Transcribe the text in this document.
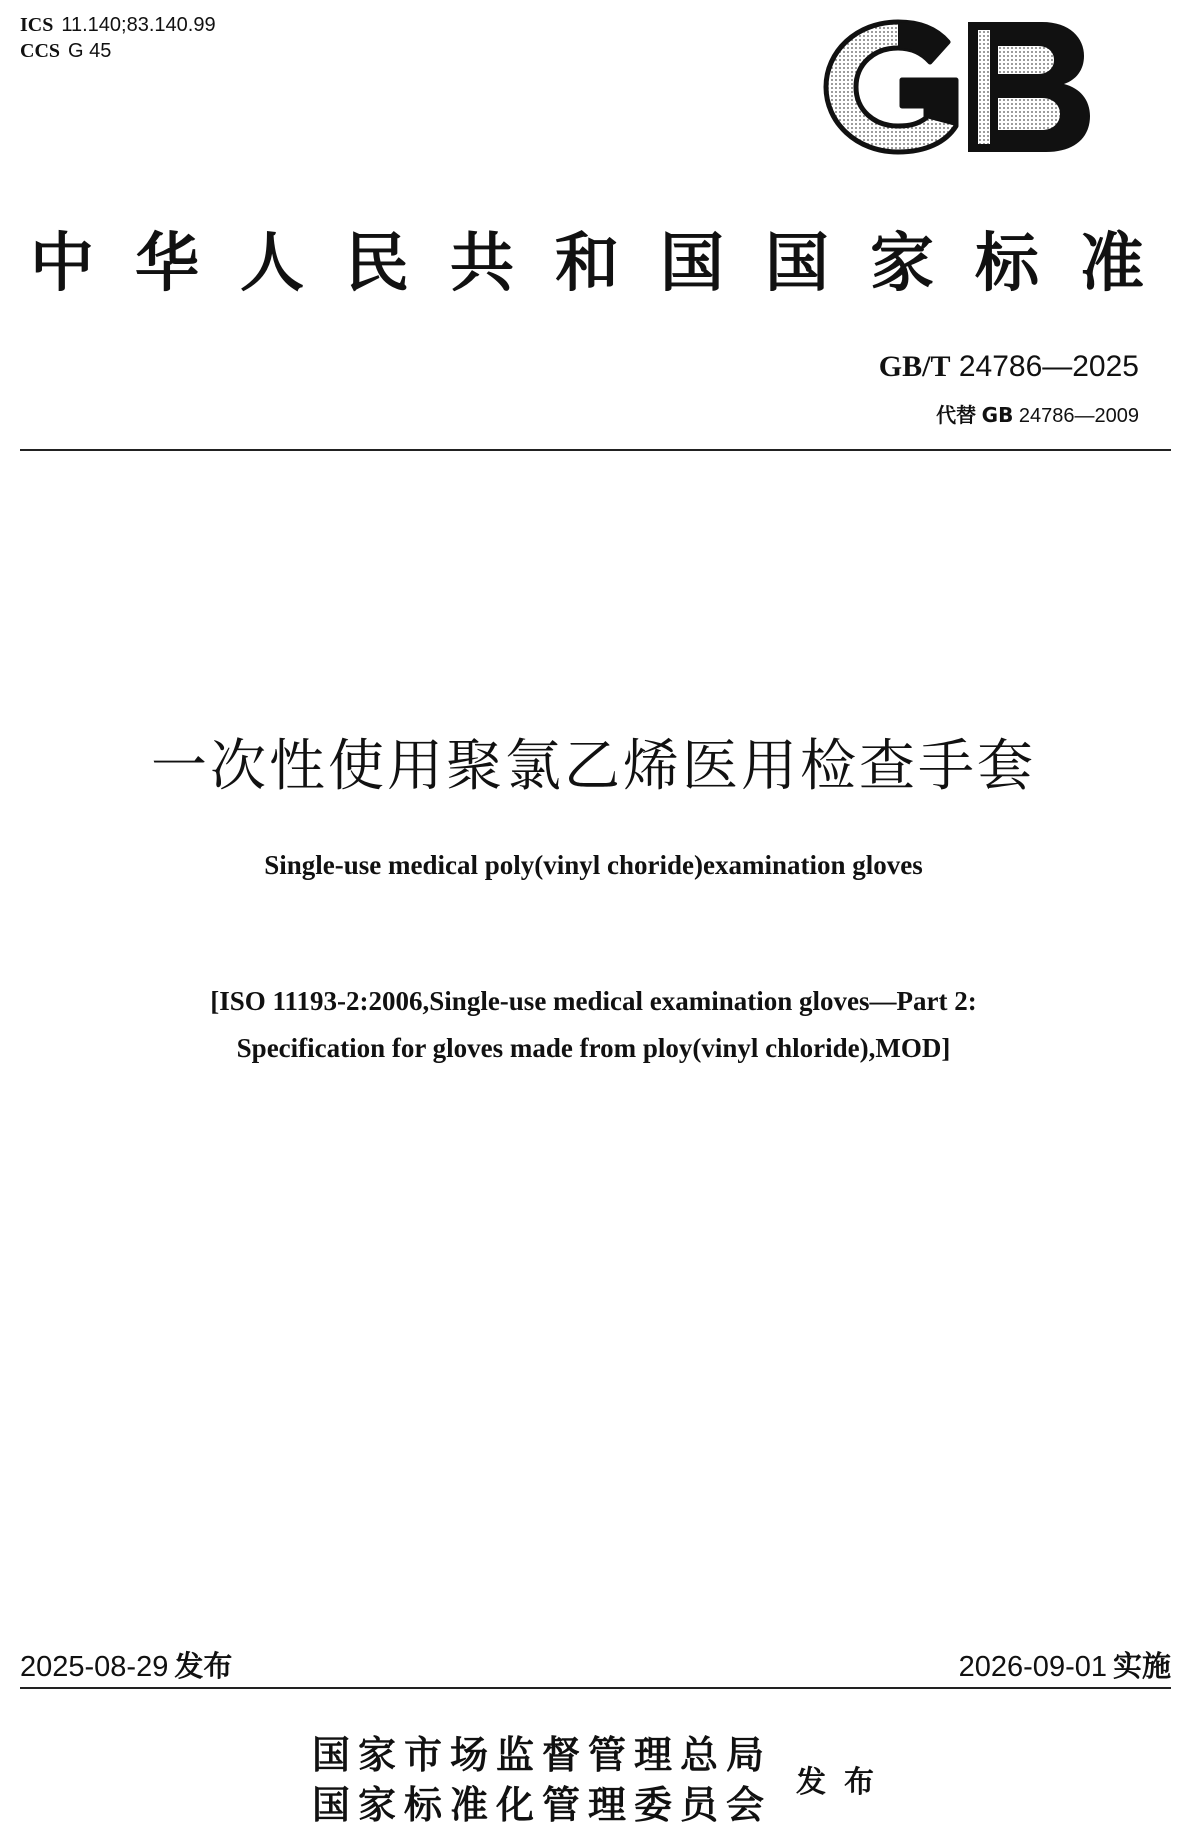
ICS 11.140;83.140.99
CCS G 45
中华人民共和国国家标准
GB/T 24786—2025
代替 GB 24786—2009
一次性使用聚氯乙烯医用检查手套
Single-use medical poly(vinyl choride)examination gloves
[ISO 11193-2:2006,Single-use medical examination gloves—Part 2:
Specification for gloves made from ploy(vinyl chloride),MOD]
2025-08-29 发布	2026-09-01 实施
国家市场监督管理总局
国家标准化管理委员会 发布
